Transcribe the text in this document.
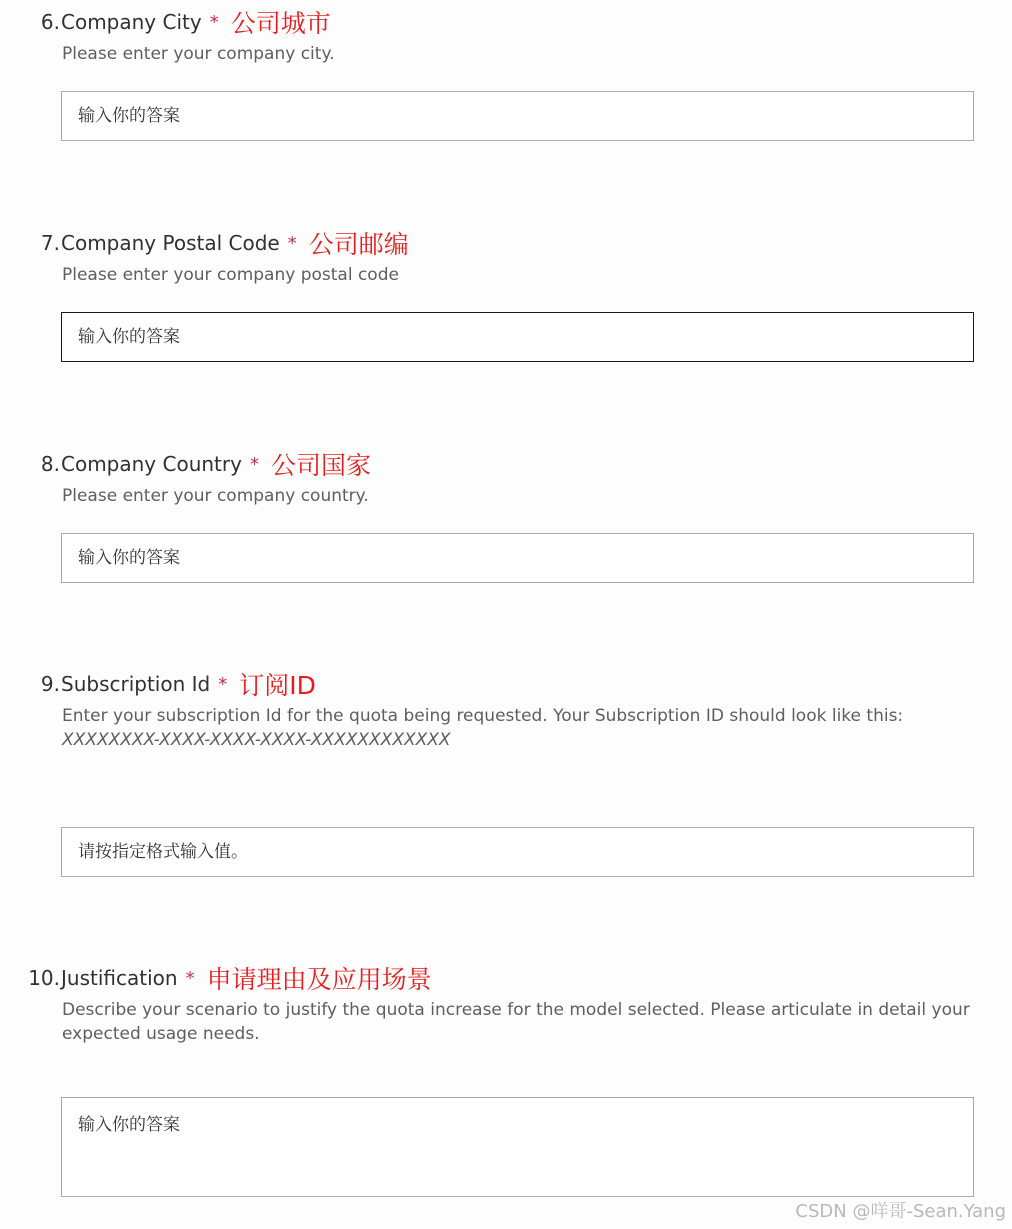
6. Company City * 公司城市
Please enter your company city.
输入你的答案
7. Company Postal Code * 公司邮编
Please enter your company postal code
输入你的答案
8. Company Country * 公司国家
Please enter your company country.
输入你的答案
9. Subscription Id * 订阅ID
Enter your subscription Id for the quota being requested. Your Subscription ID should look like this: XXXXXXXX-XXXX-XXXX-XXXX-XXXXXXXXXXXX
请按指定格式输入值。
10. Justification * 申请理由及应用场景
Describe your scenario to justify the quota increase for the model selected. Please articulate in detail your expected usage needs.
输入你的答案
CSDN @咩哥-Sean.Yang
